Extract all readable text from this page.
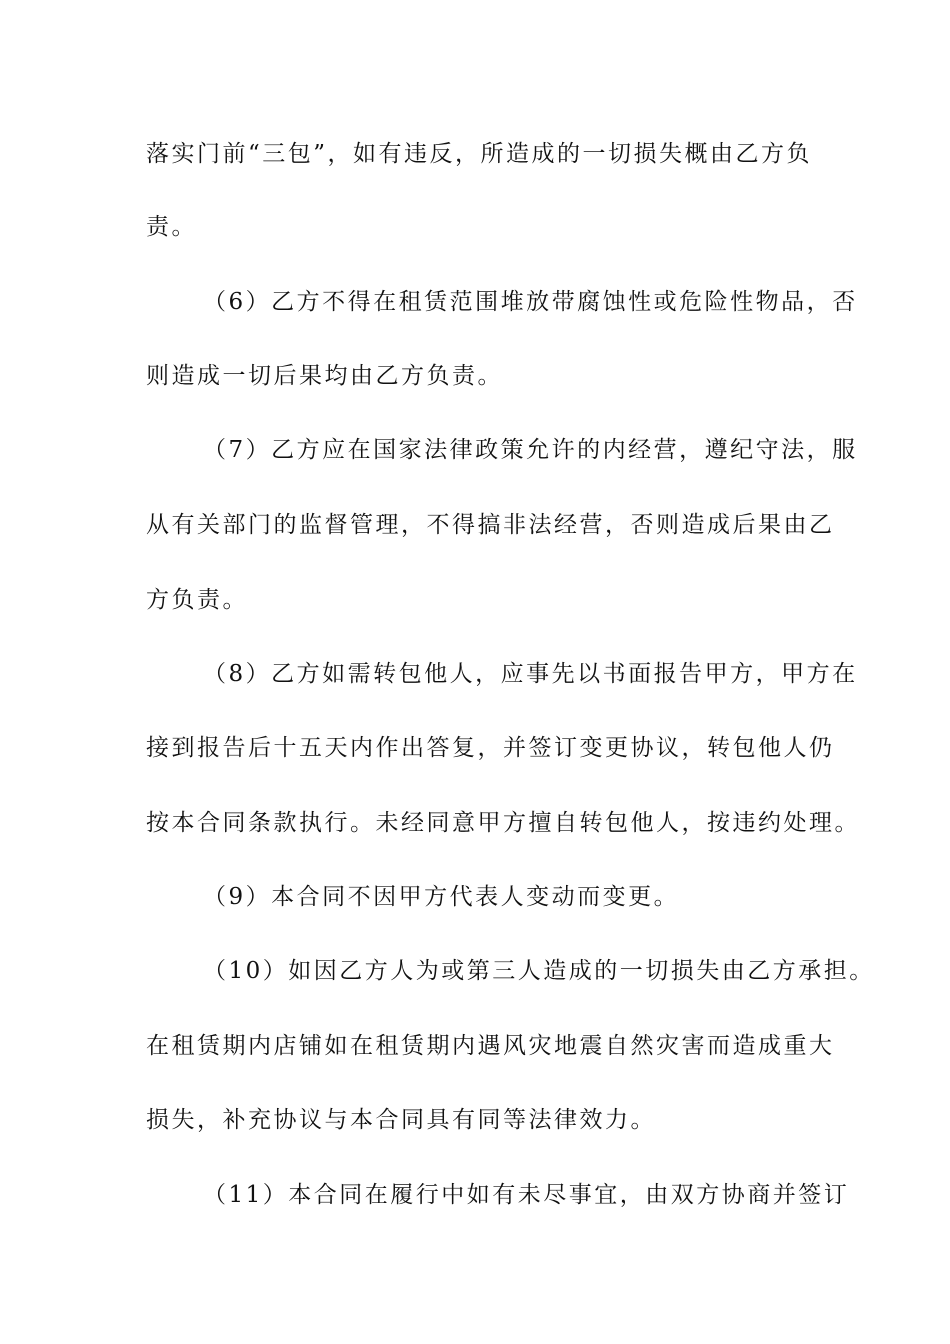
落实门前“三包”，如有违反，所造成的一切损失概由乙方负
责。
（6）乙方不得在租赁范围堆放带腐蚀性或危险性物品，否
则造成一切后果均由乙方负责。
（7）乙方应在国家法律政策允许的内经营，遵纪守法，服
从有关部门的监督管理，不得搞非法经营，否则造成后果由乙
方负责。
（8）乙方如需转包他人，应事先以书面报告甲方，甲方在
接到报告后十五天内作出答复，并签订变更协议，转包他人仍
按本合同条款执行。未经同意甲方擅自转包他人，按违约处理。
（9）本合同不因甲方代表人变动而变更。
（10）如因乙方人为或第三人造成的一切损失由乙方承担。
在租赁期内店铺如在租赁期内遇风灾地震自然灾害而造成重大
损失，补充协议与本合同具有同等法律效力。
（11）本合同在履行中如有未尽事宜，由双方协商并签订
